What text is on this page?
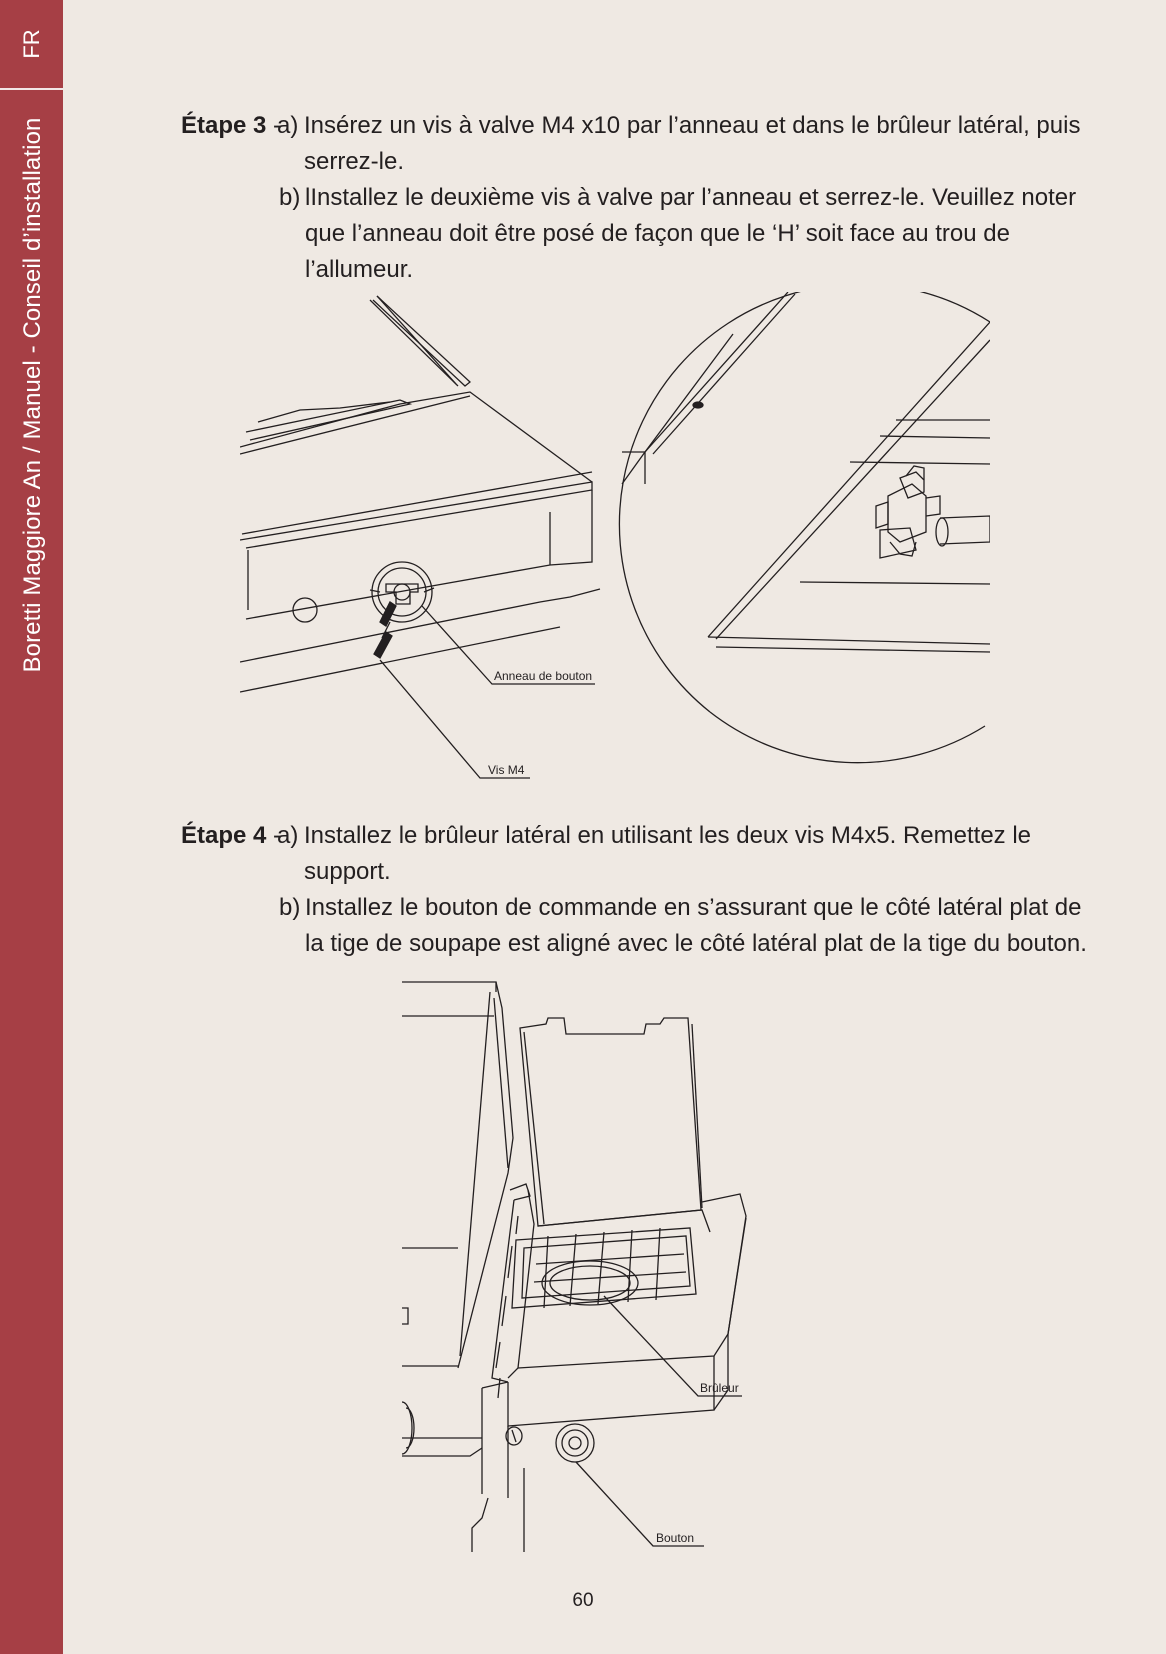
FR
Boretti Maggiore An / Manuel - Conseil d’installation	Étape 3 -
a) Insérez un vis à valve M4 x10 par l’anneau et dans le brûleur latéral, puis
serrez-le.
b) lInstallez le deuxième vis à valve par l’anneau et serrez-le. Veuillez noter
que l’anneau doit être posé de façon que le ‘H’ soit face au trou de
l’allumeur.
Anneau de bouton
Vis M4
Étape 4 -
a) Installez le brûleur latéral en utilisant les deux vis M4x5. Remettez le
support.
b) Installez le bouton de commande en s’assurant que le côté latéral plat de
la tige de soupape est aligné avec le côté latéral plat de la tige du bouton.
Brûleur
Bouton
60
